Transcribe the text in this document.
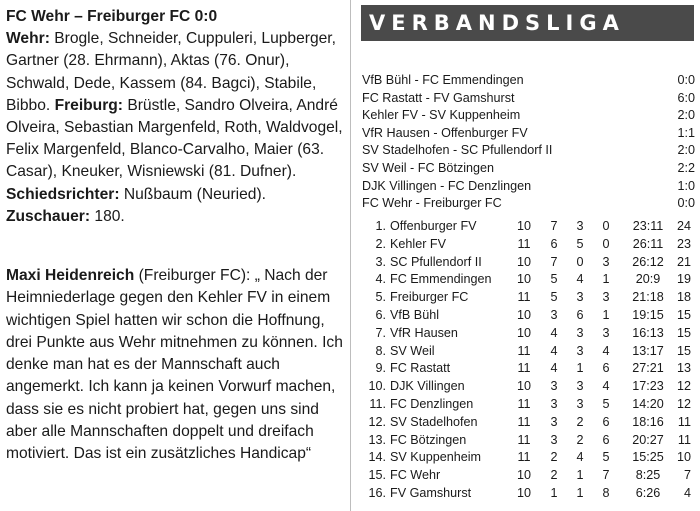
FC Wehr – Freiburger FC 0:0
Wehr: Brogle, Schneider, Cuppuleri, Lupberger, Gartner (28. Ehrmann), Aktas (76. Onur), Schwald, Dede, Kassem (84. Bagci), Stabile, Bibbo. Freiburg: Brüstle, Sandro Olveira, André Olveira, Sebastian Margenfeld, Roth, Waldvogel, Felix Margenfeld, Blanco-Carvalho, Maier (63. Casar), Kneuker, Wisniewski (81. Dufner). Schiedsrichter: Nußbaum (Neuried). Zuschauer: 180.

Maxi Heidenreich (Freiburger FC): „ Nach der Heimniederlage gegen den Kehler FV in einem wichtigen Spiel hatten wir schon die Hoffnung, drei Punkte aus Wehr mitnehmen zu können. Ich denke man hat es der Mannschaft auch angemerkt. Ich kann ja keinen Vorwurf machen, dass sie es nicht probiert hat, gegen uns sind aber alle Mannschaften doppelt und dreifach motiviert. Das ist ein zusätzliches Handicap“

VERBANDSLIGA
VfB Bühl - FC Emmendingen	0:0
FC Rastatt - FV Gamshurst	6:0
Kehler FV - SV Kuppenheim	2:0
VfR Hausen - Offenburger FV	1:1
SV Stadelhofen - SC Pfullendorf II	2:0
SV Weil - FC Bötzingen	2:2
DJK Villingen - FC Denzlingen	1:0
FC Wehr - Freiburger FC	0:0
1. Offenburger FV	10	7	3	0	23:11	24
2. Kehler FV	11	6	5	0	26:11	23
3. SC Pfullendorf II	10	7	0	3	26:12	21
4. FC Emmendingen 10	5	4	1	20:9	19
5. Freiburger FC	11	5	3	3	21:18	18
6. VfB Bühl	10	3	6	1	19:15	15
7. VfR Hausen	10	4	3	3	16:13	15
8. SV Weil	11	4	3	4	13:17	15
9. FC Rastatt	11	4	1	6	27:21	13
10. DJK Villingen	10	3	3	4	17:23	12
11. FC Denzlingen	11	3	3	5	14:20	12
12. SV Stadelhofen	11	3	2	6	18:16	11
13. FC Bötzingen	11	3	2	6	20:27	11
14. SV Kuppenheim	11	2	4	5	15:25	10
15. FC Wehr	10	2	1	7	8:25	7
16. FV Gamshurst	10	1	1	8	6:26	4
